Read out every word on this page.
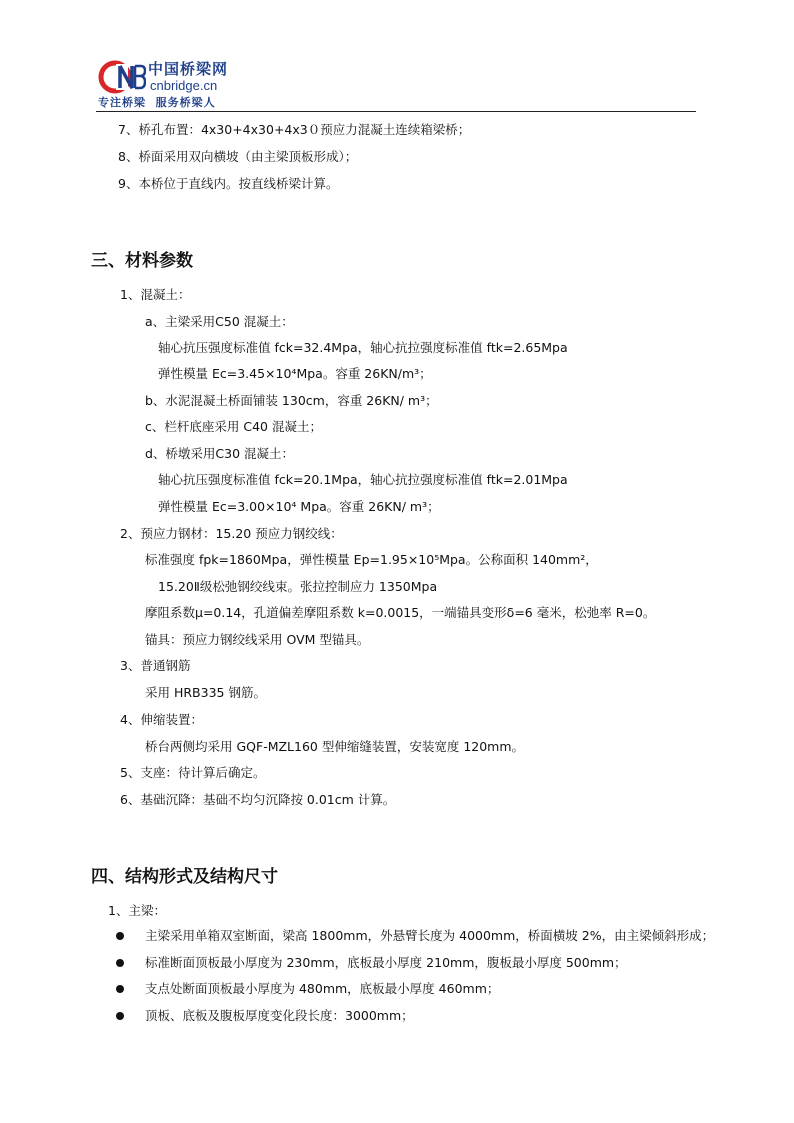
中国桥梁网
cnbridge.cn
专注桥梁  服务桥梁人
7、桥孔布置：4x30+4x30+4x3０预应力混凝土连续箱梁桥；
8、桥面采用双向横坡（由主梁顶板形成）；
9、本桥位于直线内。按直线桥梁计算。
三、材料参数
1、混凝土：
a、主梁采用C50 混凝土：
轴心抗压强度标准值 fck=32.4Mpa，轴心抗拉强度标准值 ftk=2.65Mpa
弹性模量 Ec=3.45×10⁴Mpa。容重 26KN/m³；
b、水泥混凝土桥面铺装 130cm，容重 26KN/ m³；
c、栏杆底座采用 C40 混凝土；
d、桥墩采用C30 混凝土：
轴心抗压强度标准值 fck=20.1Mpa，轴心抗拉强度标准值 ftk=2.01Mpa
弹性模量 Ec=3.00×10⁴ Mpa。容重 26KN/ m³；
2、预应力钢材：15.20 预应力钢绞线：
标准强度 fpk=1860Mpa，弹性模量 Ep=1.95×10⁵Mpa。公称面积 140mm²，
15.20Ⅱ级松弛钢绞线束。张拉控制应力 1350Mpa
摩阻系数μ=0.14，孔道偏差摩阻系数 k=0.0015，一端锚具变形δ=6 毫米，松弛率 R=0。
锚具：预应力钢绞线采用 OVM 型锚具。
3、普通钢筋
采用 HRB335 钢筋。
4、伸缩装置：
桥台两侧均采用 GQF-MZL160 型伸缩缝装置，安装宽度 120mm。
5、支座：待计算后确定。
6、基础沉降：基础不均匀沉降按 0.01cm 计算。
四、结构形式及结构尺寸
1、主梁：
主梁采用单箱双室断面，梁高 1800mm，外悬臂长度为 4000mm，桥面横坡 2%，由主梁倾斜形成；
标准断面顶板最小厚度为 230mm，底板最小厚度 210mm，腹板最小厚度 500mm；
支点处断面顶板最小厚度为 480mm，底板最小厚度 460mm；
顶板、底板及腹板厚度变化段长度：3000mm；
